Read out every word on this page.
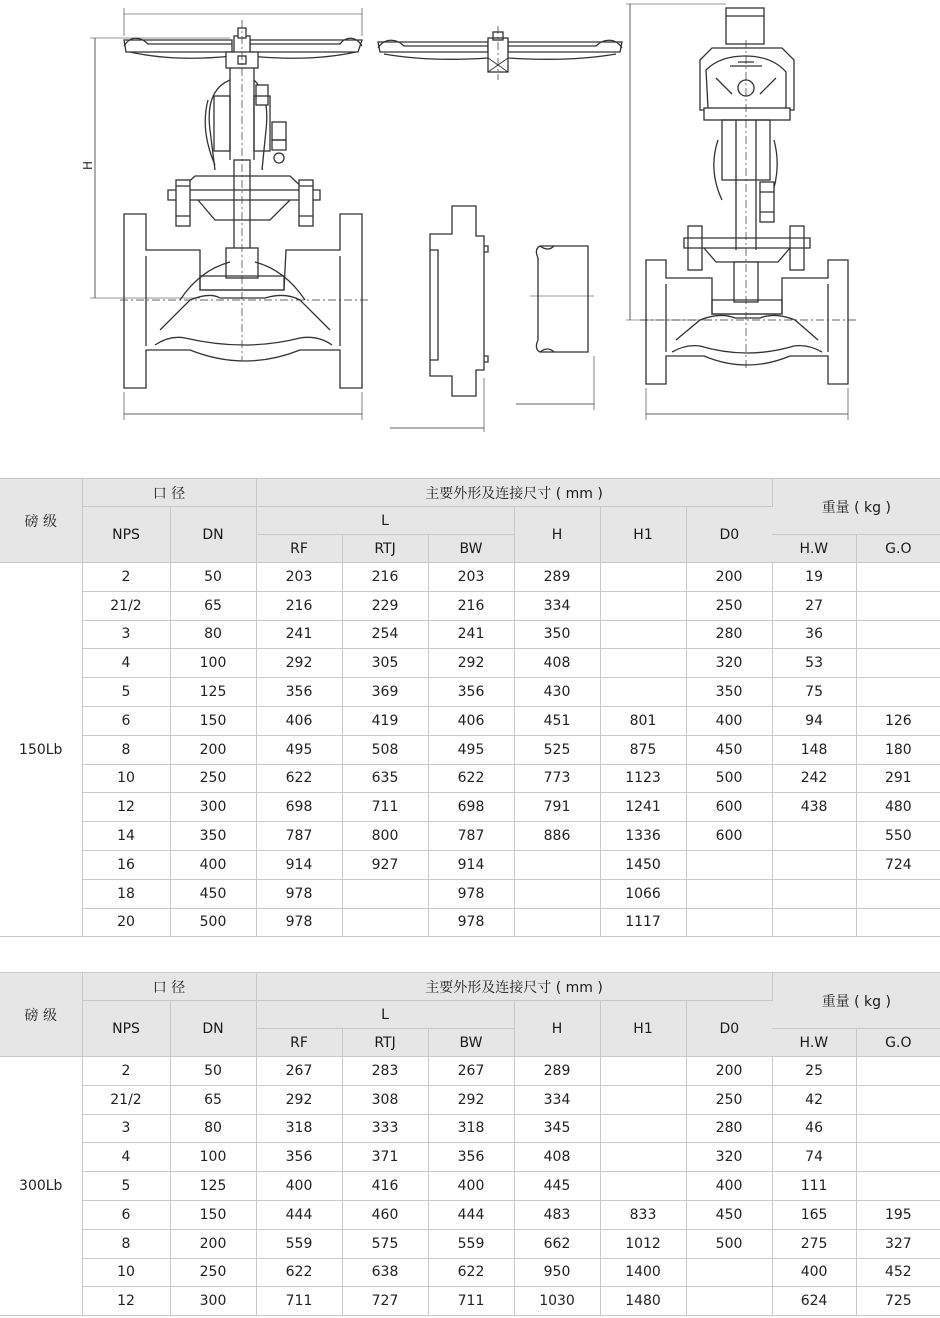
H
磅 级	口 径		主要外形及连接尺寸 ( mm )						重量 ( kg )	
	NPS	DN	L			H	H1	D0		
			RF	RTJ	BW				H.W	G.O
150Lb	2	50	203	216	203	289		200	19	
	21/2	65	216	229	216	334		250	27	
	3	80	241	254	241	350		280	36	
	4	100	292	305	292	408		320	53	
	5	125	356	369	356	430		350	75	
	6	150	406	419	406	451	801	400	94	126
	8	200	495	508	495	525	875	450	148	180
	10	250	622	635	622	773	1123	500	242	291
	12	300	698	711	698	791	1241	600	438	480
	14	350	787	800	787	886	1336	600		550
	16	400	914	927	914		1450			724
	18	450	978		978		1066			
	20	500	978		978		1117			
磅 级	口 径		主要外形及连接尺寸 ( mm )						重量 ( kg )	
	NPS	DN	L			H	H1	D0		
			RF	RTJ	BW				H.W	G.O
300Lb	2	50	267	283	267	289		200	25	
	21/2	65	292	308	292	334		250	42	
	3	80	318	333	318	345		280	46	
	4	100	356	371	356	408		320	74	
	5	125	400	416	400	445		400	111	
	6	150	444	460	444	483	833	450	165	195
	8	200	559	575	559	662	1012	500	275	327
	10	250	622	638	622	950	1400		400	452
	12	300	711	727	711	1030	1480		624	725
